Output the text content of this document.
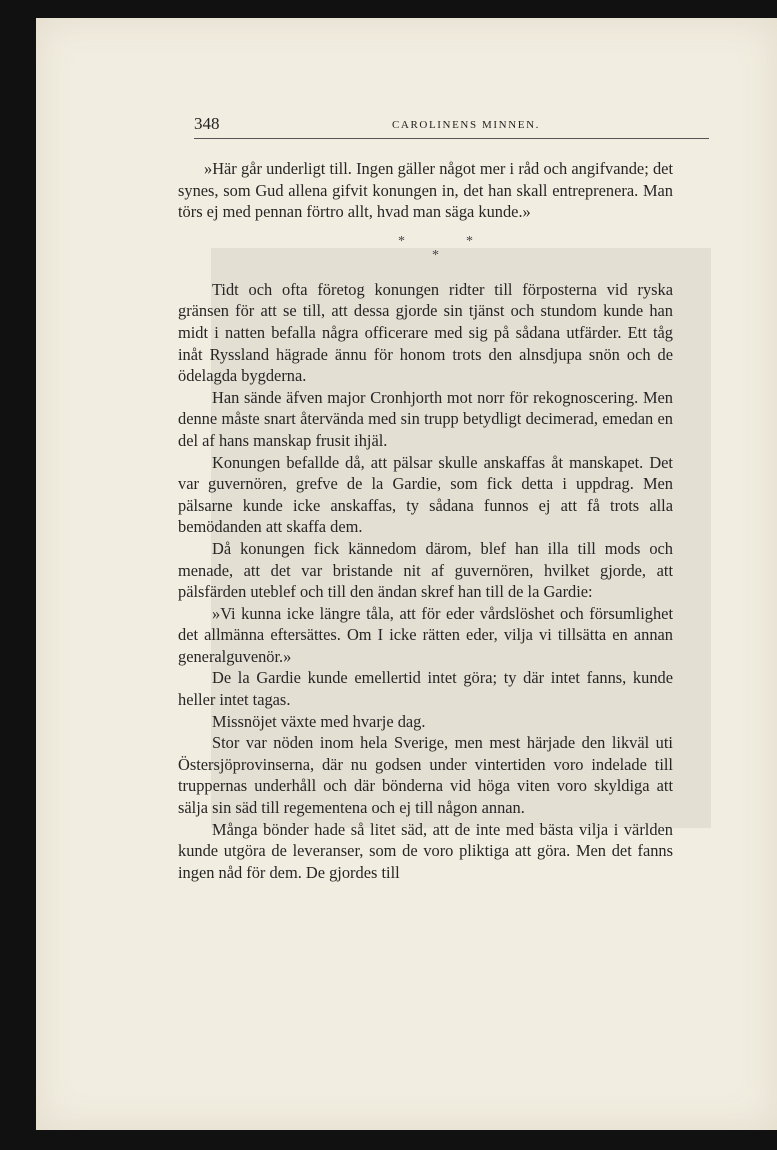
348	CAROLINENS MINNEN.

»Här går underligt till. Ingen gäller något mer i råd och angifvande; det synes, som Gud allena gifvit konungen in, det han skall entreprenera. Man törs ej med pennan förtro allt, hvad man säga kunde.»

*	*
*

Tidt och ofta företog konungen ridter till förposterna vid ryska gränsen för att se till, att dessa gjorde sin tjänst och stundom kunde han midt i natten befalla några officerare med sig på sådana utfärder. Ett tåg inåt Ryssland hägrade ännu för honom trots den alnsdjupa snön och de ödelagda bygderna.

Han sände äfven major Cronhjorth mot norr för rekognoscering. Men denne måste snart återvända med sin trupp betydligt decimerad, emedan en del af hans manskap frusit ihjäl.

Konungen befallde då, att pälsar skulle anskaffas åt manskapet. Det var guvernören, grefve de la Gardie, som fick detta i uppdrag. Men pälsarne kunde icke anskaffas, ty sådana funnos ej att få trots alla bemödanden att skaffa dem.

Då konungen fick kännedom därom, blef han illa till mods och menade, att det var bristande nit af guvernören, hvilket gjorde, att pälsfärden uteblef och till den ändan skref han till de la Gardie:

»Vi kunna icke längre tåla, att för eder vårdslöshet och försumlighet det allmänna eftersättes. Om I icke rätten eder, vilja vi tillsätta en annan generalguvenör.»

De la Gardie kunde emellertid intet göra; ty där intet fanns, kunde heller intet tagas.

Missnöjet växte med hvarje dag.

Stor var nöden inom hela Sverige, men mest härjade den likväl uti Östersjöprovinserna, där nu godsen under vintertiden voro indelade till truppernas underhåll och där bönderna vid höga viten voro skyldiga att sälja sin säd till regementena och ej till någon annan.

Många bönder hade så litet säd, att de inte med bästa vilja i världen kunde utgöra de leveranser, som de voro pliktiga att göra. Men det fanns ingen nåd för dem. De gjordes till
